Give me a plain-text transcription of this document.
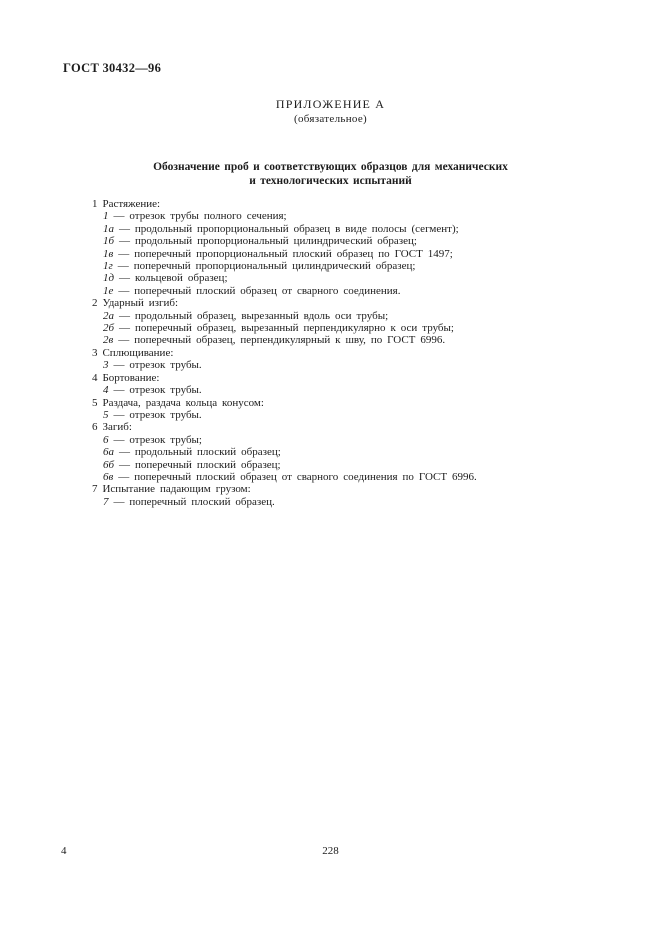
ГОСТ 30432—96
ПРИЛОЖЕНИЕ А
(обязательное)
Обозначение проб и соответствующих образцов для механических
и технологических испытаний
1 Растяжение:
1 — отрезок трубы полного сечения;
1а — продольный пропорциональный образец в виде полосы (сегмент);
1б — продольный пропорциональный цилиндрический образец;
1в — поперечный пропорциональный плоский образец по ГОСТ 1497;
1г — поперечный пропорциональный цилиндрический образец;
1д — кольцевой образец;
1е — поперечный плоский образец от сварного соединения.
2 Ударный изгиб:
2а — продольный образец, вырезанный вдоль оси трубы;
2б — поперечный образец, вырезанный перпендикулярно к оси трубы;
2в — поперечный образец, перпендикулярный к шву, по ГОСТ 6996.
3 Сплющивание:
3 — отрезок трубы.
4 Бортование:
4 — отрезок трубы.
5 Раздача, раздача кольца конусом:
5 — отрезок трубы.
6 Загиб:
6 — отрезок трубы;
6а — продольный плоский образец;
6б — поперечный плоский образец;
6в — поперечный плоский образец от сварного соединения по ГОСТ 6996.
7 Испытание падающим грузом:
7 — поперечный плоский образец.
4	228
